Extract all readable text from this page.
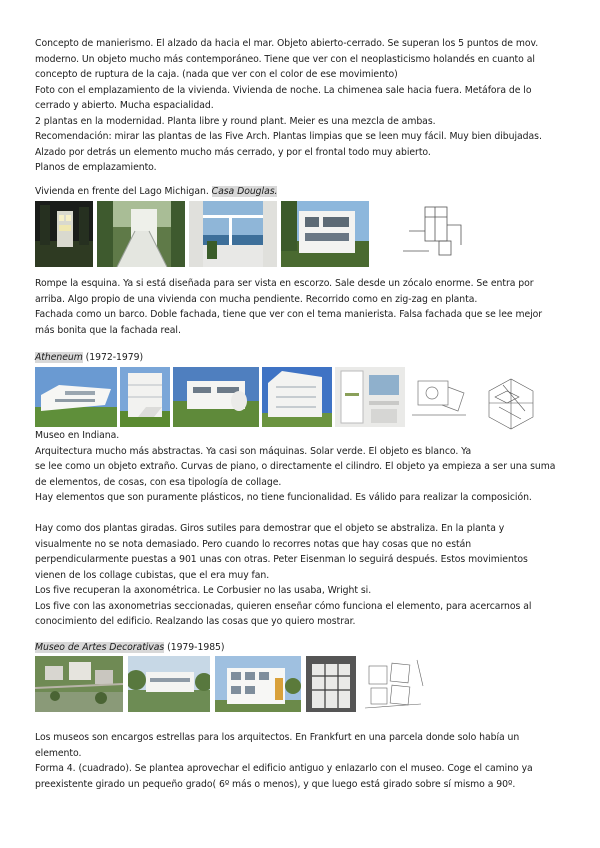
Concepto de manierismo. El alzado da hacia el mar. Objeto abierto-cerrado. Se superan los 5 puntos de mov.
moderno. Un objeto mucho más contemporáneo. Tiene que ver con el neoplasticismo holandés en cuanto al
concepto de ruptura de la caja. (nada que ver con el color de ese movimiento)
Foto con el emplazamiento de la vivienda. Vivienda de noche. La chimenea sale hacia fuera. Metáfora de lo
cerrado y abierto. Mucha espacialidad.
2 plantas en la modernidad. Planta libre y round plant. Meier es una mezcla de ambas.
Recomendación: mirar las plantas de las Five Arch. Plantas limpias que se leen muy fácil. Muy bien dibujadas.
Alzado por detrás un elemento mucho más cerrado, y por el frontal todo muy abierto.
Planos de emplazamiento.
Vivienda en frente del Lago Michigan. Casa Douglas.
Rompe la esquina. Ya si está diseñada para ser vista en escorzo. Sale desde un zócalo enorme. Se entra por
arriba. Algo propio de una vivienda con mucha pendiente. Recorrido como en zig-zag en planta.
Fachada como un barco. Doble fachada, tiene que ver con el tema manierista. Falsa fachada que se lee mejor
más bonita que la fachada real.
Atheneum (1972-1979)
Museo en Indiana.
Arquitectura mucho más abstractas. Ya casi son máquinas. Solar verde. El objeto es blanco. Ya
se lee como un objeto extraño. Curvas de piano, o directamente el cilindro. El objeto ya empieza a ser una suma
de elementos, de cosas, con esa tipología de collage.
Hay elementos que son puramente plásticos, no tiene funcionalidad. Es válido para realizar la composición.
Hay como dos plantas giradas. Giros sutiles para demostrar que el objeto se abstraliza. En la planta y
visualmente no se nota demasiado. Pero cuando lo recorres notas que hay cosas que no están
perpendicularmente puestas a 901 unas con otras. Peter Eisenman lo seguirá después. Estos movimientos
vienen de los collage cubistas, que el era muy fan.
Los five recuperan la axonométrica. Le Corbusier no las usaba, Wright si.
Los five con las axonometrias seccionadas, quieren enseñar cómo funciona el elemento, para acercarnos al
conocimiento del edificio. Realzando las cosas que yo quiero mostrar.
Museo de Artes Decorativas (1979-1985)
Los museos son encargos estrellas para los arquitectos. En Frankfurt en una parcela donde solo había un
elemento.
Forma 4. (cuadrado). Se plantea aprovechar el edificio antiguo y enlazarlo con el museo. Coge el camino ya
preexistente girado un pequeño grado( 6º más o menos), y que luego está girado sobre sí mismo a 90º.
